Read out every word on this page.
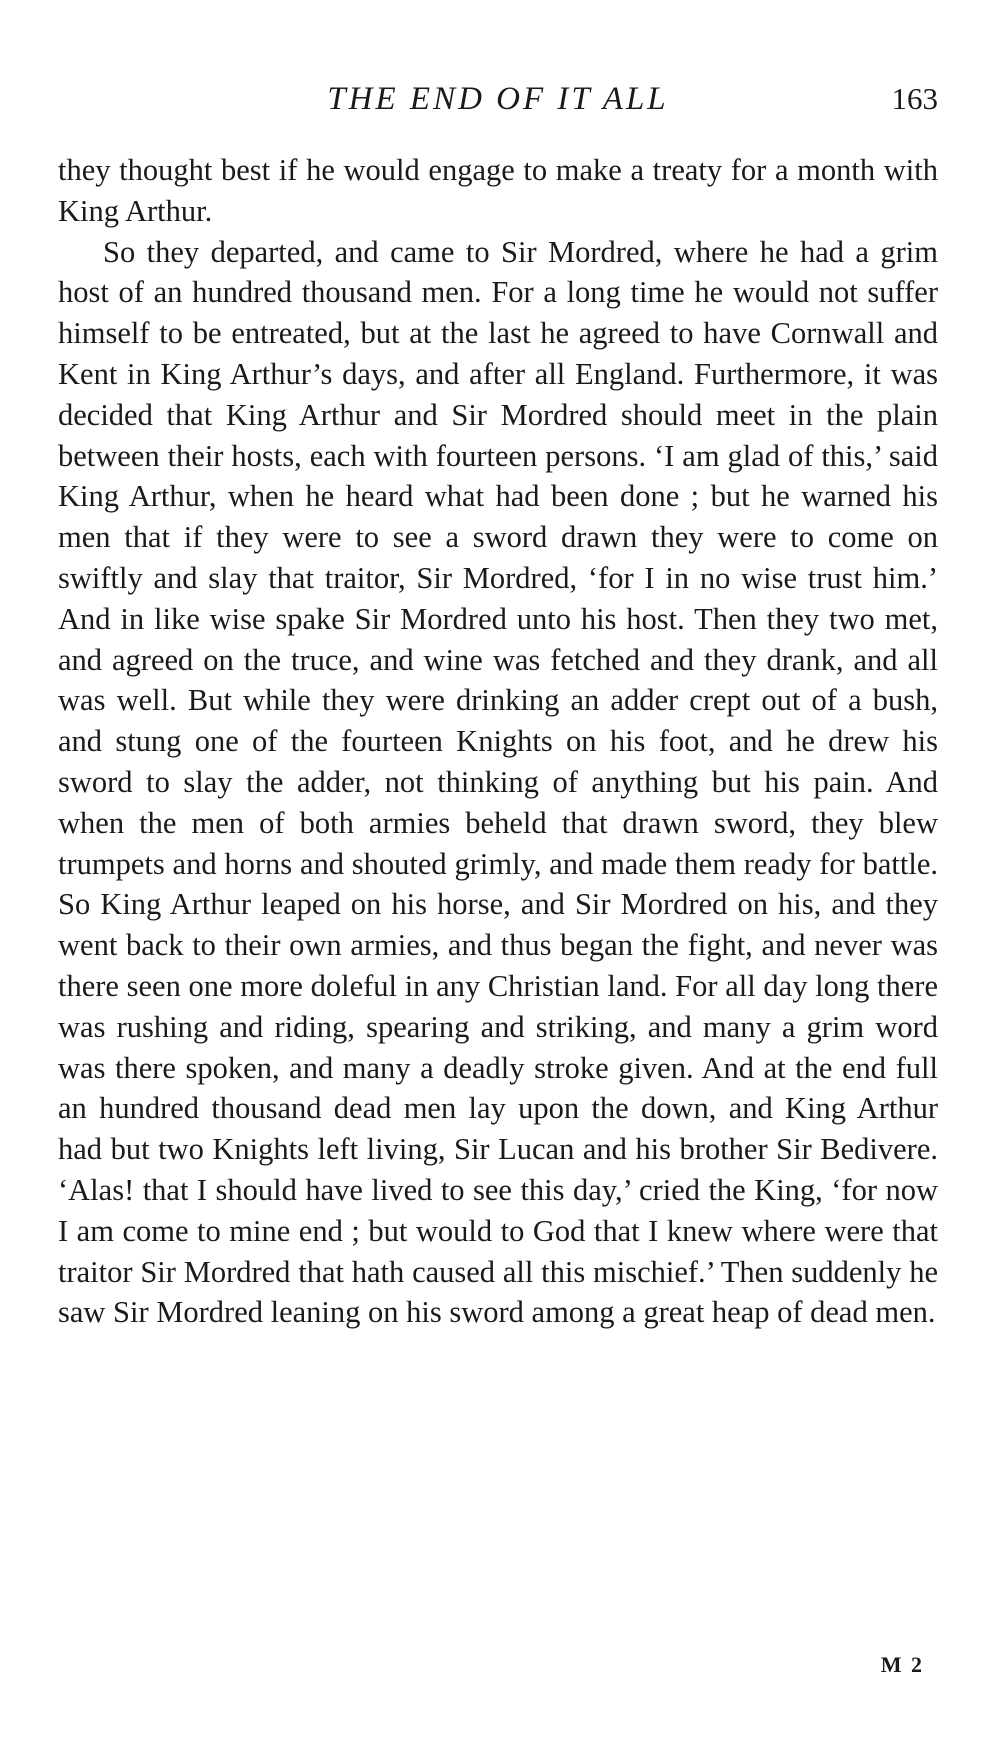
THE END OF IT ALL	163

they thought best if he would engage to make a treaty for a month with King Arthur.

So they departed, and came to Sir Mordred, where he had a grim host of an hundred thousand men. For a long time he would not suffer himself to be entreated, but at the last he agreed to have Cornwall and Kent in King Arthur’s days, and after all England. Furthermore, it was decided that King Arthur and Sir Mordred should meet in the plain between their hosts, each with fourteen persons. ‘I am glad of this,’ said King Arthur, when he heard what had been done ; but he warned his men that if they were to see a sword drawn they were to come on swiftly and slay that traitor, Sir Mordred, ‘for I in no wise trust him.’ And in like wise spake Sir Mordred unto his host. Then they two met, and agreed on the truce, and wine was fetched and they drank, and all was well. But while they were drinking an adder crept out of a bush, and stung one of the fourteen Knights on his foot, and he drew his sword to slay the adder, not thinking of anything but his pain. And when the men of both armies beheld that drawn sword, they blew trumpets and horns and shouted grimly, and made them ready for battle. So King Arthur leaped on his horse, and Sir Mordred on his, and they went back to their own armies, and thus began the fight, and never was there seen one more doleful in any Christian land. For all day long there was rushing and riding, spearing and striking, and many a grim word was there spoken, and many a deadly stroke given. And at the end full an hundred thousand dead men lay upon the down, and King Arthur had but two Knights left living, Sir Lucan and his brother Sir Bedivere. ‘Alas! that I should have lived to see this day,’ cried the King, ‘for now I am come to mine end ; but would to God that I knew where were that traitor Sir Mordred that hath caused all this mischief.’ Then suddenly he saw Sir Mordred leaning on his sword among a great heap of dead men.

M 2
